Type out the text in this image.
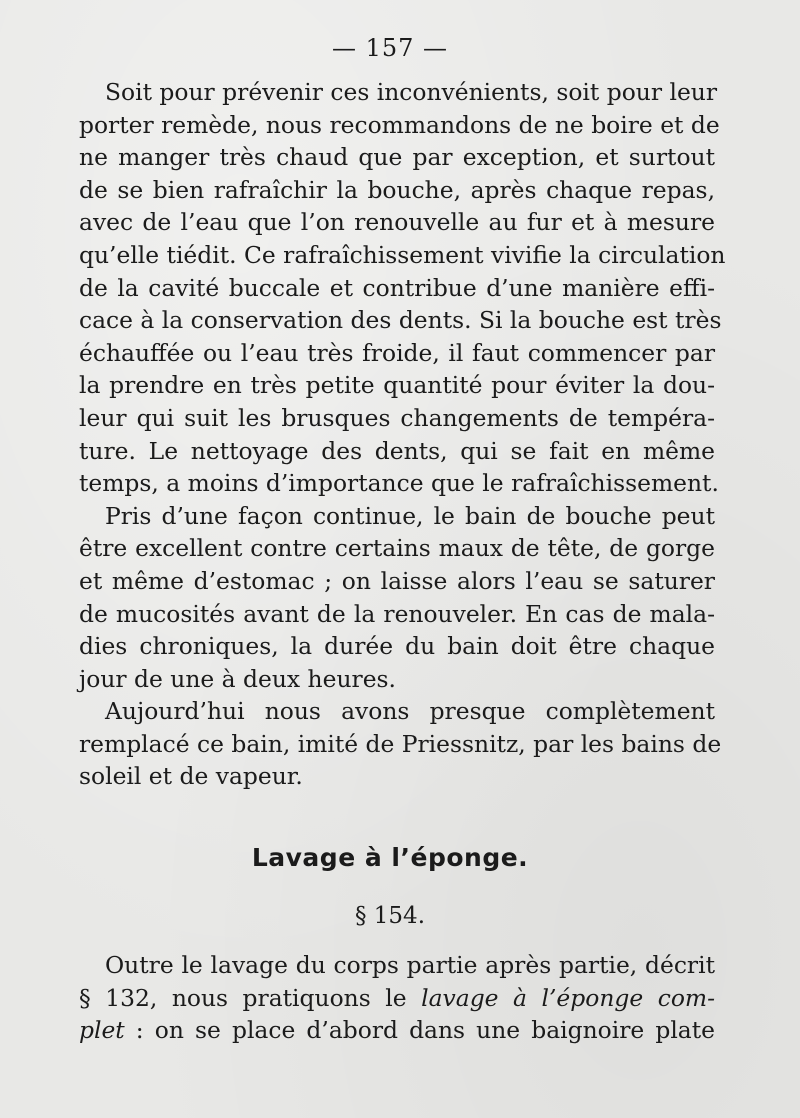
— 157 —
Soit pour prévenir ces inconvénients, soit pour leur
porter remède, nous recommandons de ne boire et de
ne manger très chaud que par exception, et surtout
de se bien rafraîchir la bouche, après chaque repas,
avec de l’eau que l’on renouvelle au fur et à mesure
qu’elle tiédit. Ce rafraîchissement vivifie la circulation
de la cavité buccale et contribue d’une manière effi-
cace à la conservation des dents. Si la bouche est très
échauffée ou l’eau très froide, il faut commencer par
la prendre en très petite quantité pour éviter la dou-
leur qui suit les brusques changements de tempéra-
ture. Le nettoyage des dents, qui se fait en même
temps, a moins d’importance que le rafraîchissement.
Pris d’une façon continue, le bain de bouche peut
être excellent contre certains maux de tête, de gorge
et même d’estomac ; on laisse alors l’eau se saturer
de mucosités avant de la renouveler. En cas de mala-
dies chroniques, la durée du bain doit être chaque
jour de une à deux heures.
Aujourd’hui nous avons presque complètement
remplacé ce bain, imité de Priessnitz, par les bains de
soleil et de vapeur.
Lavage à l’éponge.
§ 154.
Outre le lavage du corps partie après partie, décrit
§ 132, nous pratiquons le lavage à l’éponge com-
plet : on se place d’abord dans une baignoire plate
